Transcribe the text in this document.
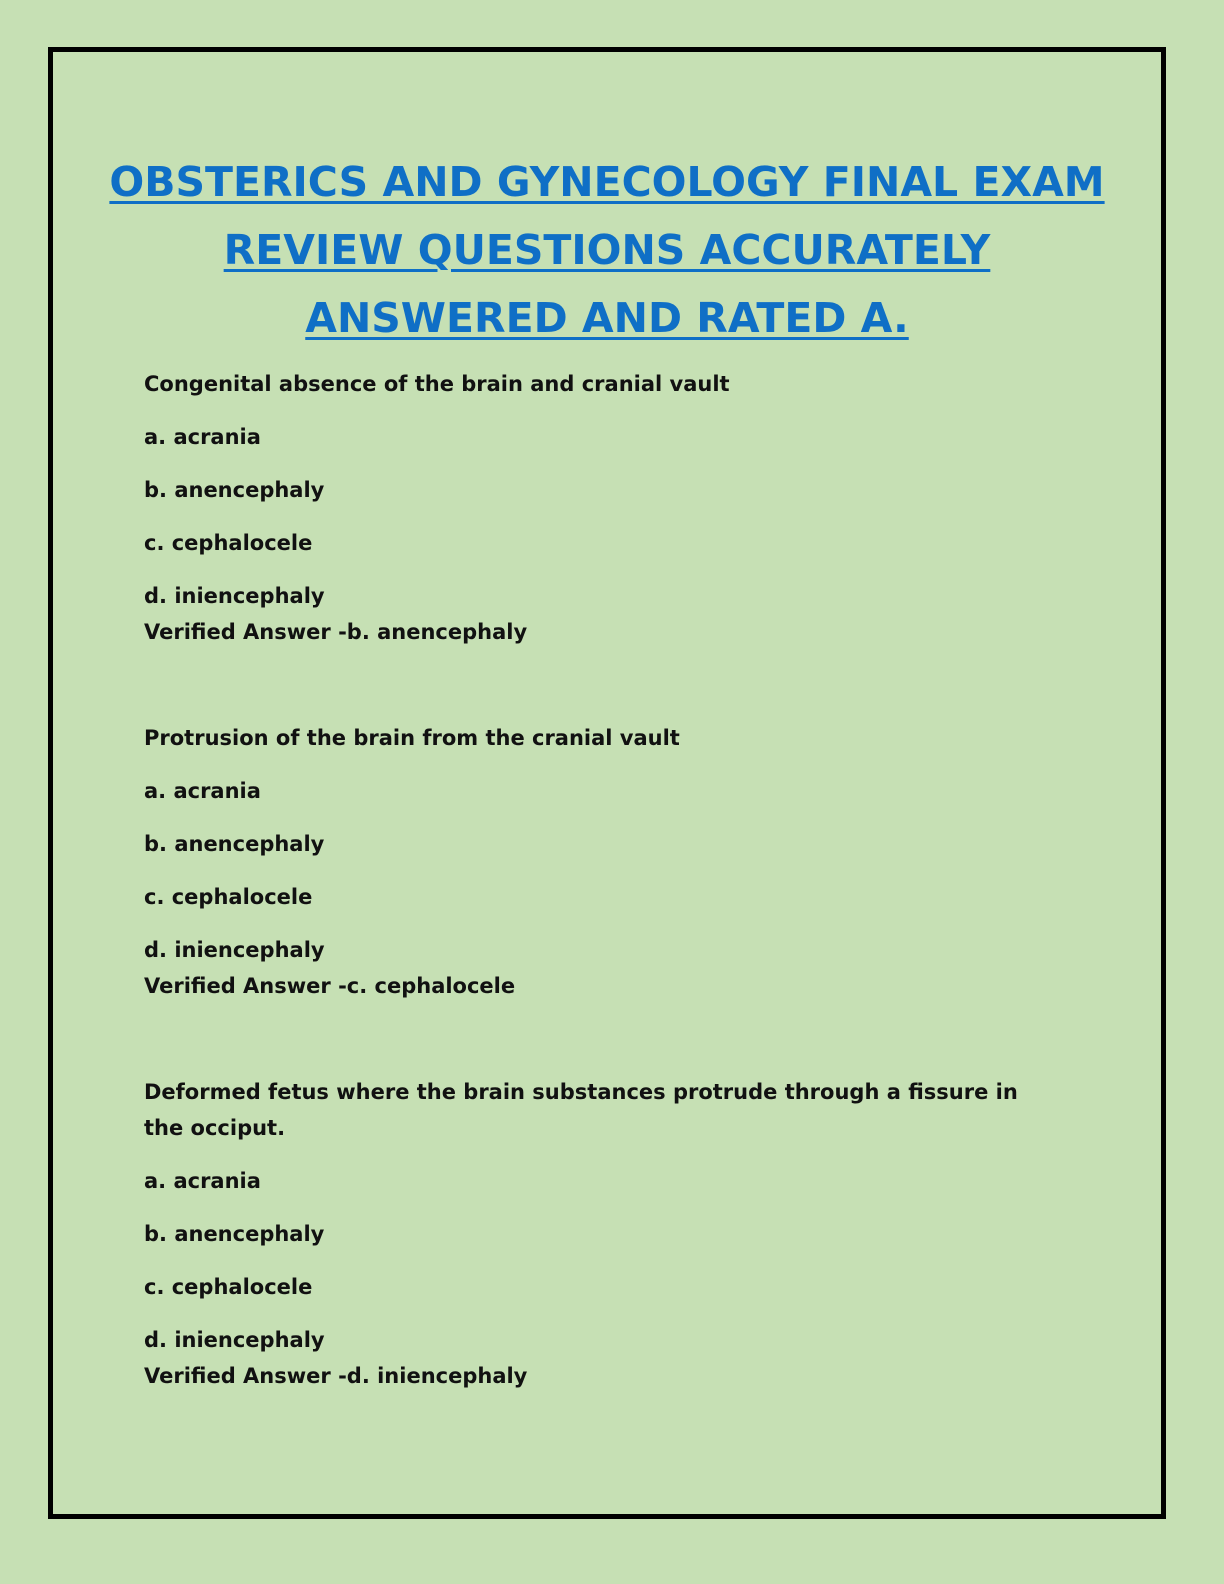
OBSTERICS AND GYNECOLOGY FINAL EXAM
REVIEW QUESTIONS ACCURATELY
ANSWERED AND RATED A.

Congenital absence of the brain and cranial vault

a. acrania

b. anencephaly

c. cephalocele

d. iniencephaly

Verified Answer -b. anencephaly

Protrusion of the brain from the cranial vault

a. acrania

b. anencephaly

c. cephalocele

d. iniencephaly

Verified Answer -c. cephalocele

Deformed fetus where the brain substances protrude through a fissure in the occiput.

a. acrania

b. anencephaly

c. cephalocele

d. iniencephaly

Verified Answer -d. iniencephaly
